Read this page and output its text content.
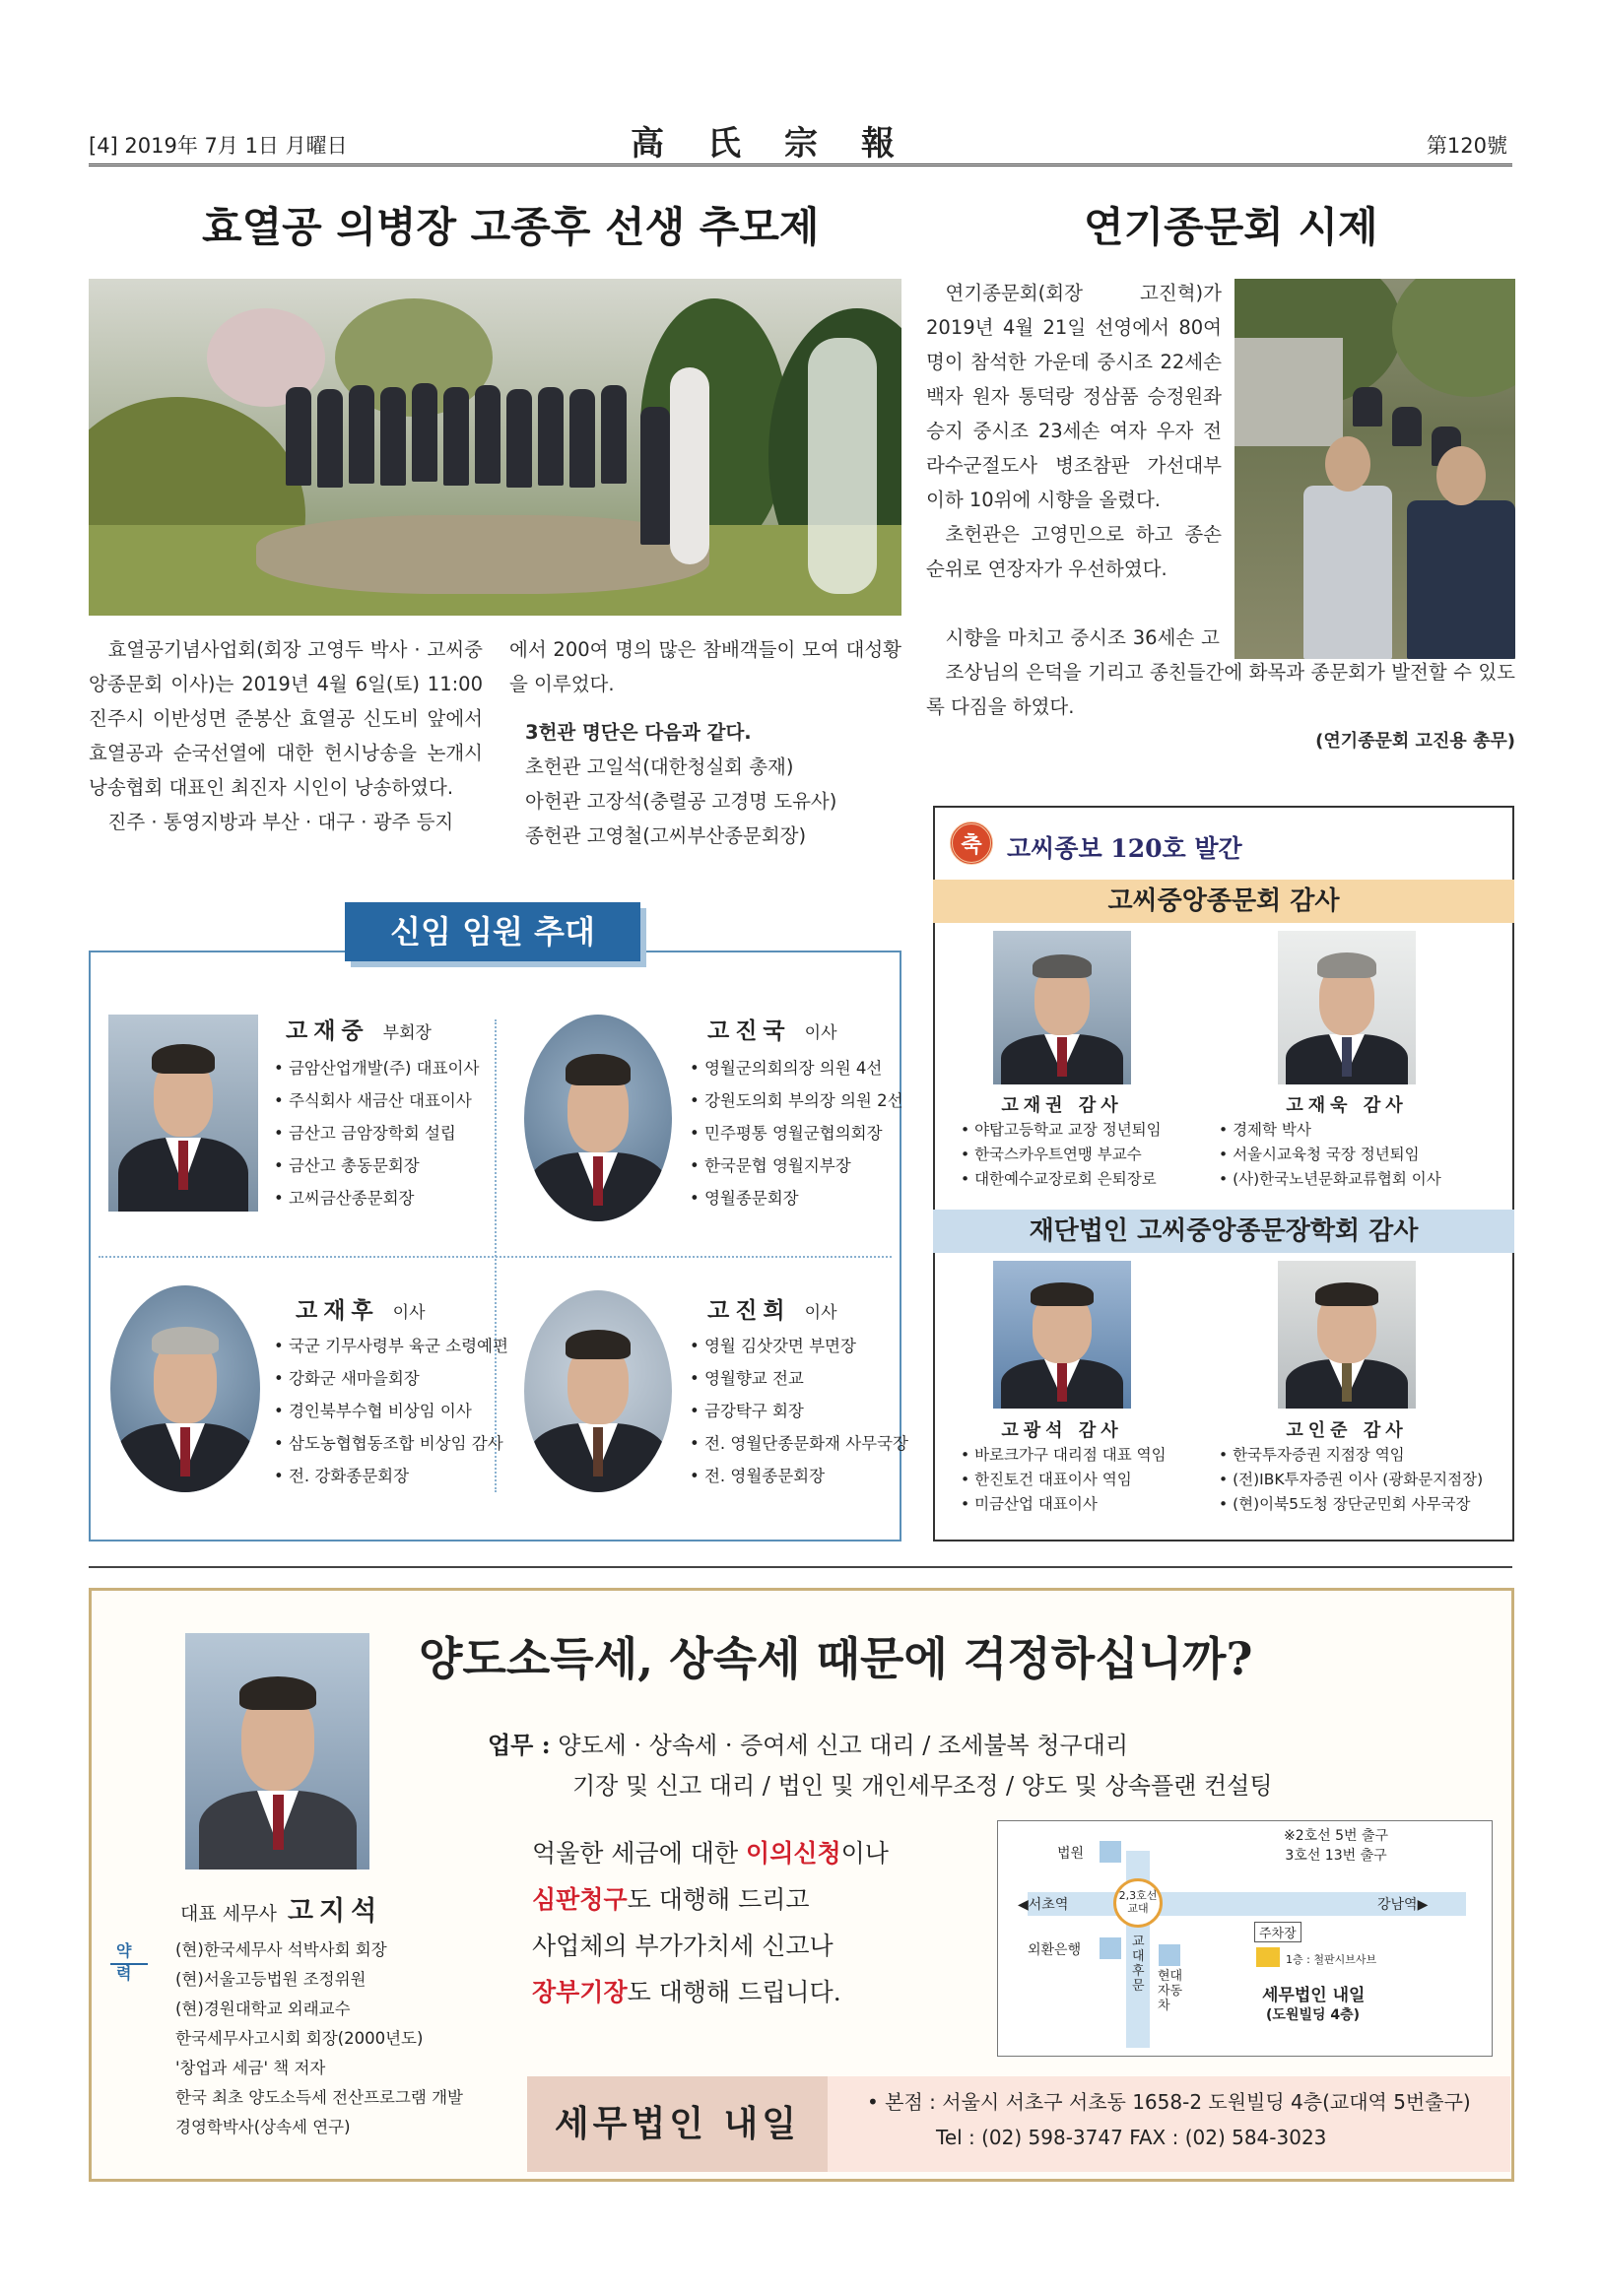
[4] 2019年 7月 1日 月曜日	高氏宗報	第120號
효열공 의병장 고종후 선생 추모제

효열공기념사업회(회장 고영두 박사 · 고씨중앙종문회 이사)는 2019년 4월 6일(토) 11:00 진주시 이반성면 준봉산 효열공 신도비 앞에서 효열공과 순국선열에 대한 헌시낭송을 논개시 낭송협회 대표인 최진자 시인이 낭송하였다.

진주 · 통영지방과 부산 · 대구 · 광주 등지

에서 200여 명의 많은 참배객들이 모여 대성황을 이루었다.

3헌관 명단은 다음과 같다.
초헌관 고일석(대한청실회 총재)
아헌관 고장석(충렬공 고경명 도유사)
종헌관 고영철(고씨부산종문회장)
연기종문회 시제

연기종문회(회장 고진혁)가 2019년 4월 21일 선영에서 80여 명이 참석한 가운데 중시조 22세손 백자 원자 통덕랑 정삼품 승정원좌승지 중시조 23세손 여자 우자 전라수군절도사 병조참판 가선대부 이하 10위에 시향을 올렸다.

초헌관은 고영민으로 하고 종손 순위로 연장자가 우선하였다.

시향을 마치고 중시조 36세손 고

조상님의 은덕을 기리고 종친들간에 화목과 종문회가 발전할 수 있도록 다짐을 하였다.

(연기종문회 고진용 총무)
신임 임원 추대
고재중 부회장
• 금암산업개발(주) 대표이사
• 주식회사 새금산 대표이사
• 금산고 금암장학회 설립
• 금산고 총동문회장
• 고씨금산종문회장
고진국 이사
• 영월군의회의장 의원 4선
• 강원도의회 부의장 의원 2선
• 민주평통 영월군협의회장
• 한국문협 영월지부장
• 영월종문회장
고재후 이사
• 국군 기무사령부 육군 소령예편
• 강화군 새마을회장
• 경인북부수협 비상임 이사
• 삼도농협협동조합 비상임 감사
• 전. 강화종문회장
고진희 이사
• 영월 김삿갓면 부면장
• 영월향교 전교
• 금강탁구 회장
• 전. 영월단종문화재 사무국장
• 전. 영월종문회장
축	고씨종보 120호 발간
고씨중앙종문회 감사
재단법인 고씨중앙종문장학회 감사
고재권 감사	고재욱 감사
• 야탑고등학교 교장 정년퇴임
• 한국스카우트연맹 부교수
• 대한예수교장로회 은퇴장로
• 경제학 박사
• 서울시교육청 국장 정년퇴임
• (사)한국노년문화교류협회 이사
고광석 감사	고인준 감사
• 바로크가구 대리점 대표 역임
• 한진토건 대표이사 역임
• 미금산업 대표이사
• 한국투자증권 지점장 역임
• (전)IBK투자증권 이사 (광화문지점장)
• (현)이북5도청 장단군민회 사무국장
대표 세무사 고지석
약력
(현)한국세무사 석박사회 회장
(현)서울고등법원 조정위원
(현)경원대학교 외래교수
한국세무사고시회 회장(2000년도)
'창업과 세금' 책 저자
한국 최초 양도소득세 전산프로그램 개발
경영학박사(상속세 연구)
양도소득세, 상속세 때문에 걱정하십니까?
업무 : 양도세 · 상속세 · 증여세 신고 대리 / 조세불복 청구대리
기장 및 신고 대리 / 법인 및 개인세무조정 / 양도 및 상속플랜 컨설팅
억울한 세금에 대한 이의신청이나
심판청구도 대행해 드리고
사업체의 부가가치세 신고나
장부기장도 대행해 드립니다.
※2호선 5번 출구
3호선 13번 출구
법원
◀서초역	강남역▶
2,3호선 교대
외환은행
교대후문
현대 자동차
주차장
1층 : 철판시브사브
세무법인 내일
(도원빌딩 4층)
세무법인 내일
• 본점 : 서울시 서초구 서초동 1658-2 도원빌딩 4층(교대역 5번출구)
Tel : (02) 598-3747 FAX : (02) 584-3023
